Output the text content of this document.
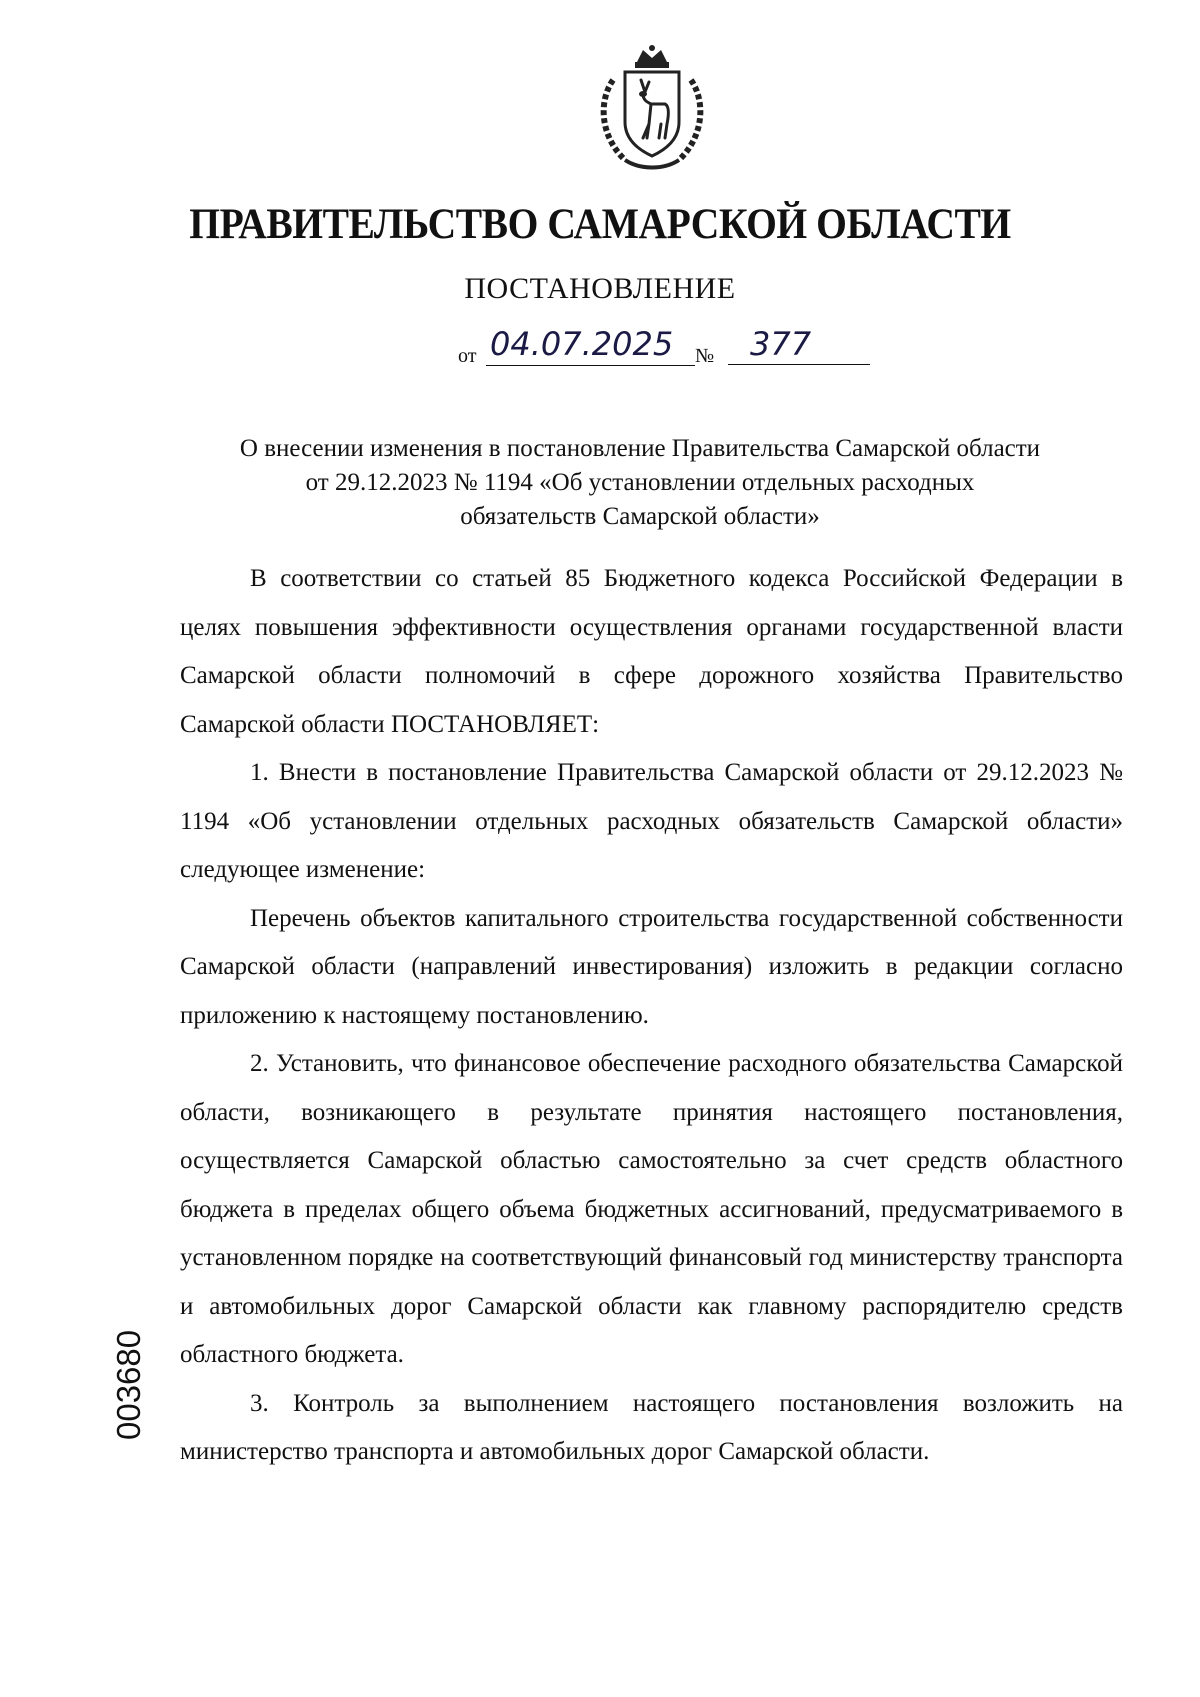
ПРАВИТЕЛЬСТВО САМАРСКОЙ ОБЛАСТИ
ПОСТАНОВЛЕНИЕ
от 04.07.2025	№	377
О внесении изменения в постановление Правительства Самарской области
от 29.12.2023 № 1194 «Об установлении отдельных расходных
обязательств Самарской области»

В соответствии со статьей 85 Бюджетного кодекса Российской Федерации в целях повышения эффективности осуществления органами государственной власти Самарской области полномочий в сфере дорожного хозяйства Правительство Самарской области ПОСТАНОВЛЯЕТ:

1. Внести в постановление Правительства Самарской области от 29.12.2023 № 1194 «Об установлении отдельных расходных обязательств Самарской области» следующее изменение:

Перечень объектов капитального строительства государственной собственности Самарской области (направлений инвестирования) изложить в редакции согласно приложению к настоящему постановлению.

2. Установить, что финансовое обеспечение расходного обязательства Самарской области, возникающего в результате принятия настоящего постановления, осуществляется Самарской областью самостоятельно за счет средств областного бюджета в пределах общего объема бюджетных ассигнований, предусматриваемого в установленном порядке на соответствующий финансовый год министерству транспорта и автомобильных дорог Самарской области как главному распорядителю средств областного бюджета.

3. Контроль за выполнением настоящего постановления возложить на министерство транспорта и автомобильных дорог Самарской области.

003680
